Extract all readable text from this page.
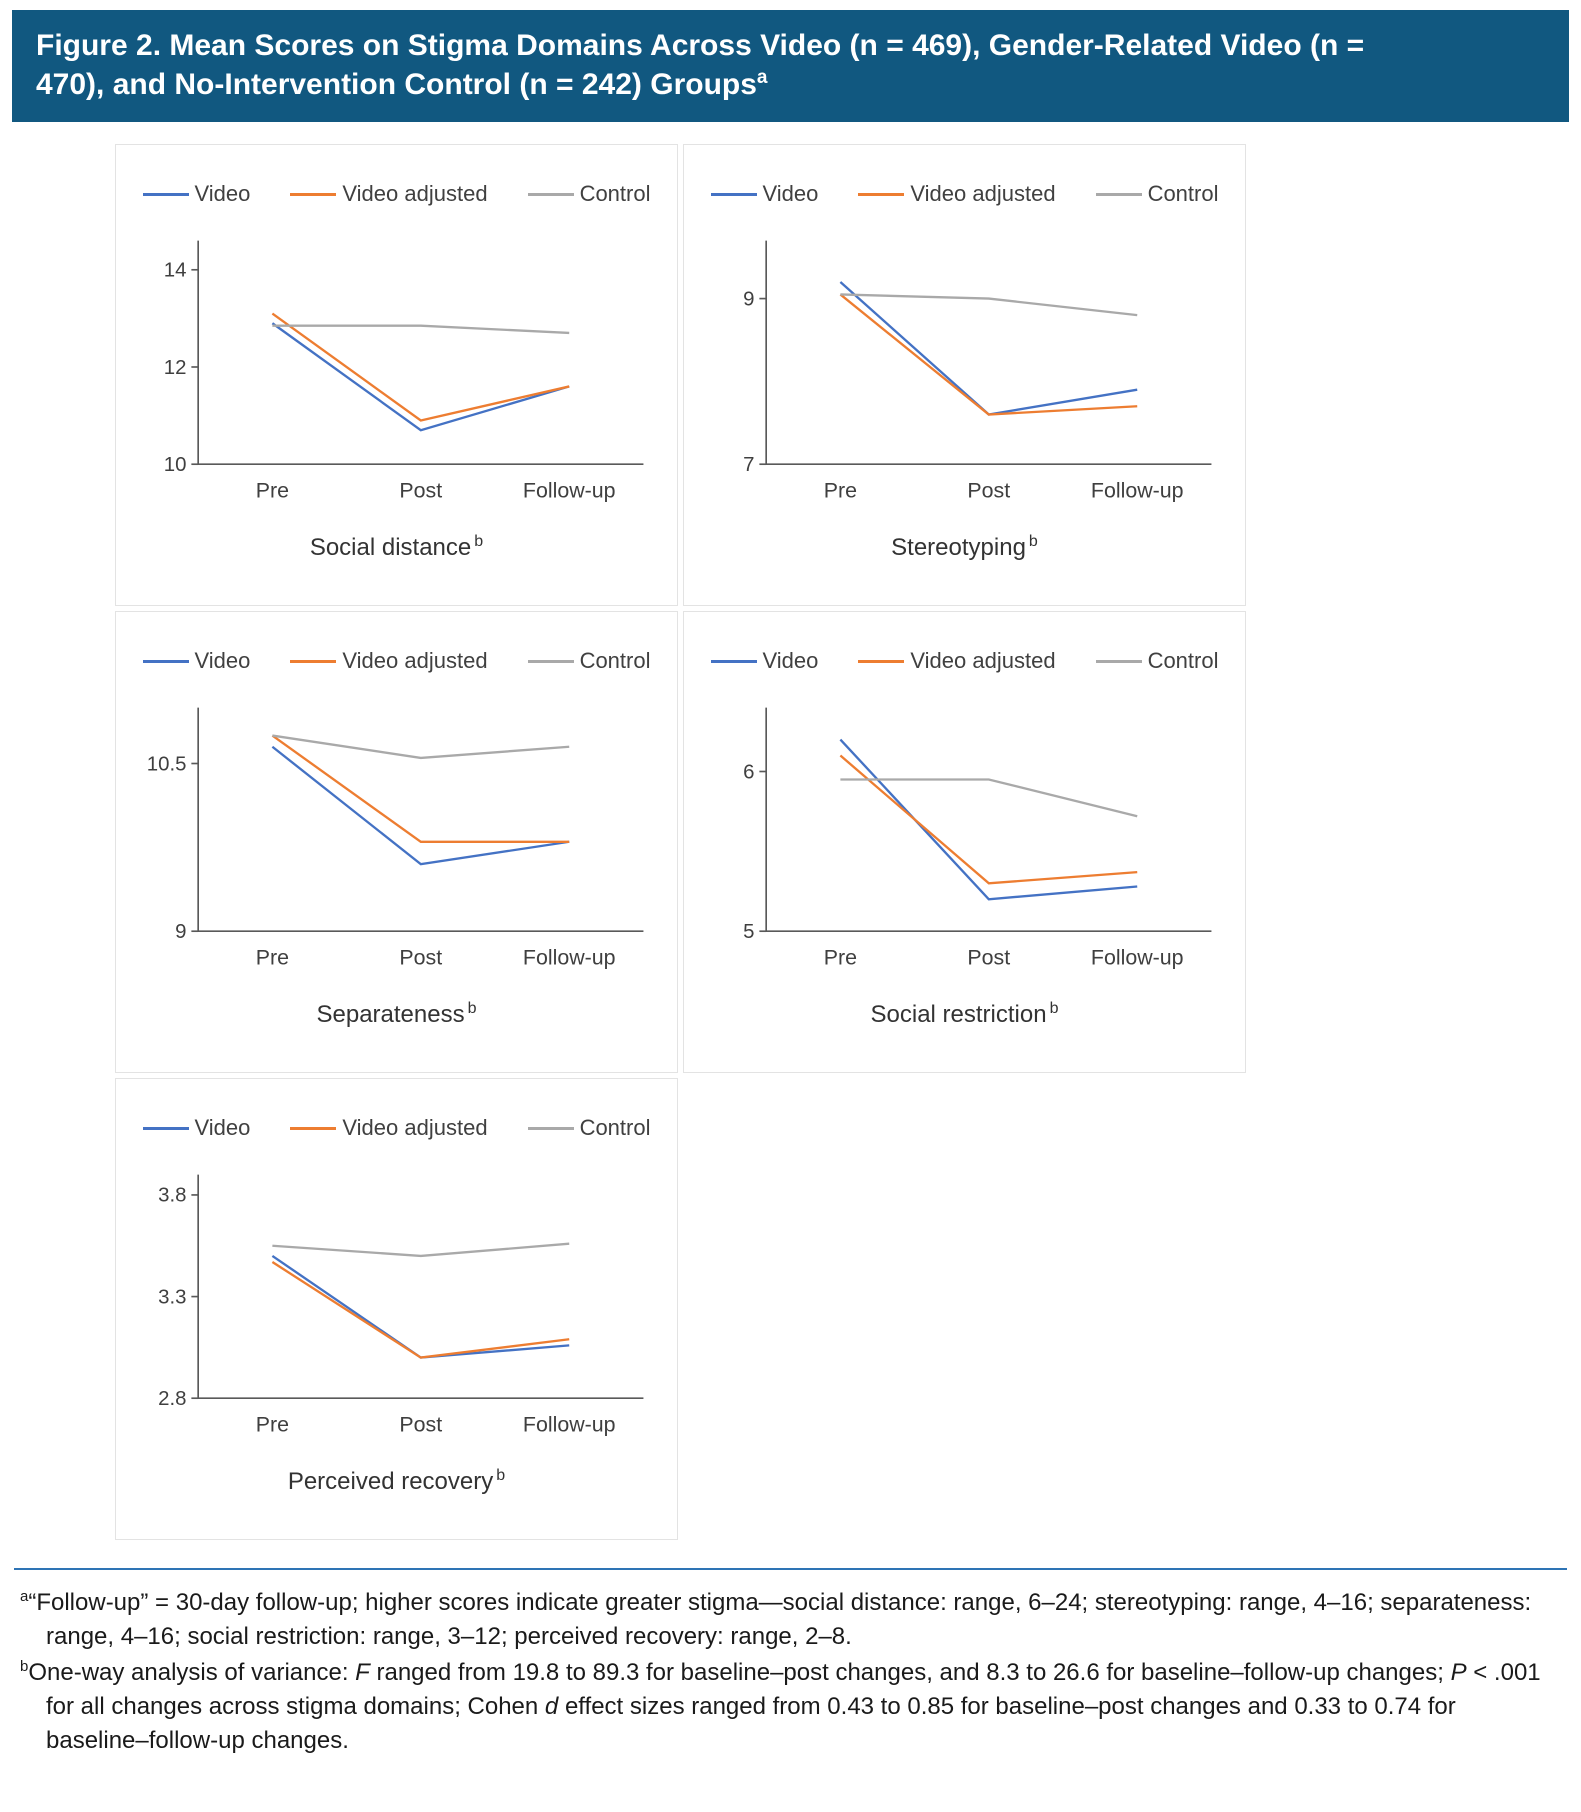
Figure 2. Mean Scores on Stigma Domains Across Video (n = 469), Gender-Related Video (n = 470), and No-Intervention Control (n = 242) Groups$^a$
Video	Video adjusted	Control
10
12
14
Pre	Post	Follow-up
Social distance $^b$
Video	Video adjusted	Control
7
9
Pre	Post	Follow-up
Stereotyping $^b$
Video	Video adjusted	Control
9
10.5
Pre	Post	Follow-up
Separateness $^b$
Video	Video adjusted	Control
5
6
Pre	Post	Follow-up
Social restriction $^b$
Video	Video adjusted	Control
2.8
3.3
3.8
Pre	Post	Follow-up
Perceived recovery $^b$

$^a$“Follow-up” = 30-day follow-up; higher scores indicate greater stigma—social distance: range, 6–24; stereotyping: range, 4–16; separateness: range, 4–16; social restriction: range, 3–12; perceived recovery: range, 2–8.

$^b$One-way analysis of variance: F ranged from 19.8 to 89.3 for baseline–post changes, and 8.3 to 26.6 for baseline–follow-up changes; P < .001 for all changes across stigma domains; Cohen d effect sizes ranged from 0.43 to 0.85 for baseline–post changes and 0.33 to 0.74 for baseline–follow-up changes.
